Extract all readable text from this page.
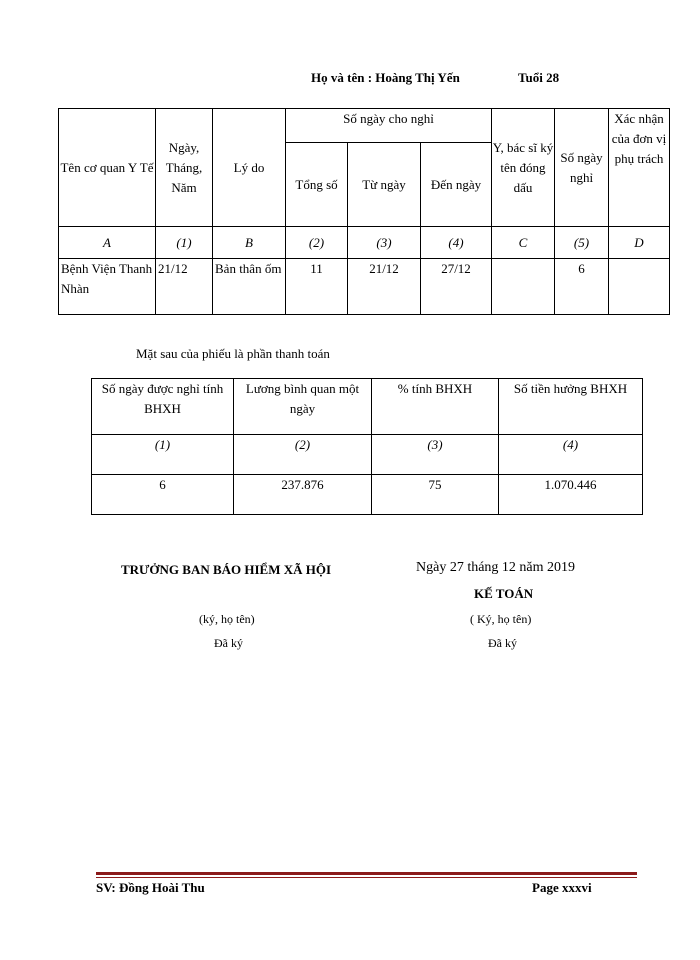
Họ và tên : Hoàng Thị Yến	Tuổi 28
Tên cơ quan Y Tế	Ngày, Tháng, Năm	Lý do	Số ngày cho nghỉ			Y, bác sĩ ký tên đóng dấu	Số ngày nghỉ	Xác nhận của đơn vị phụ trách
			Tổng số	Từ ngày	Đến ngày			
A	(1)	B	(2)	(3)	(4)	C	(5)	D
Bệnh Viện Thanh Nhàn	21/12	Bản thân ốm	11	21/12	27/12		6	
Mặt sau của phiếu là phần thanh toán
Số ngày được nghỉ tính BHXH	Lương bình quan một ngày	% tính BHXH	Số tiền hưởng BHXH
(1)	(2)	(3)	(4)
6	237.876	75	1.070.446
TRƯỞNG BAN BÁO HIỂM XÃ HỘI	Ngày 27 tháng 12 năm 2019
KẾ TOÁN
(ký, họ tên)	( Ký, họ tên)
Đã ký	Đã ký
SV: Đồng Hoài Thu	Page xxxvi
